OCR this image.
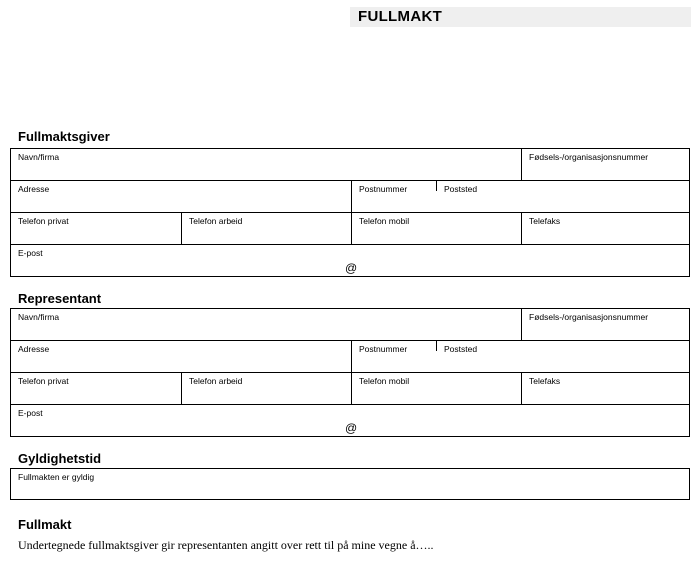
FULLMAKT
Fullmaktsgiver
Navn/firma	Fødsels-/organisasjonsnummer
Adresse	Postnummer	Poststed
Telefon privat	Telefon arbeid	Telefon mobil	Telefaks
E-post
@
Representant
Navn/firma	Fødsels-/organisasjonsnummer
Adresse	Postnummer	Poststed
Telefon privat	Telefon arbeid	Telefon mobil	Telefaks
E-post
@
Gyldighetstid
Fullmakten er gyldig
Fullmakt
Undertegnede fullmaktsgiver gir representanten angitt over rett til på mine vegne å…..
